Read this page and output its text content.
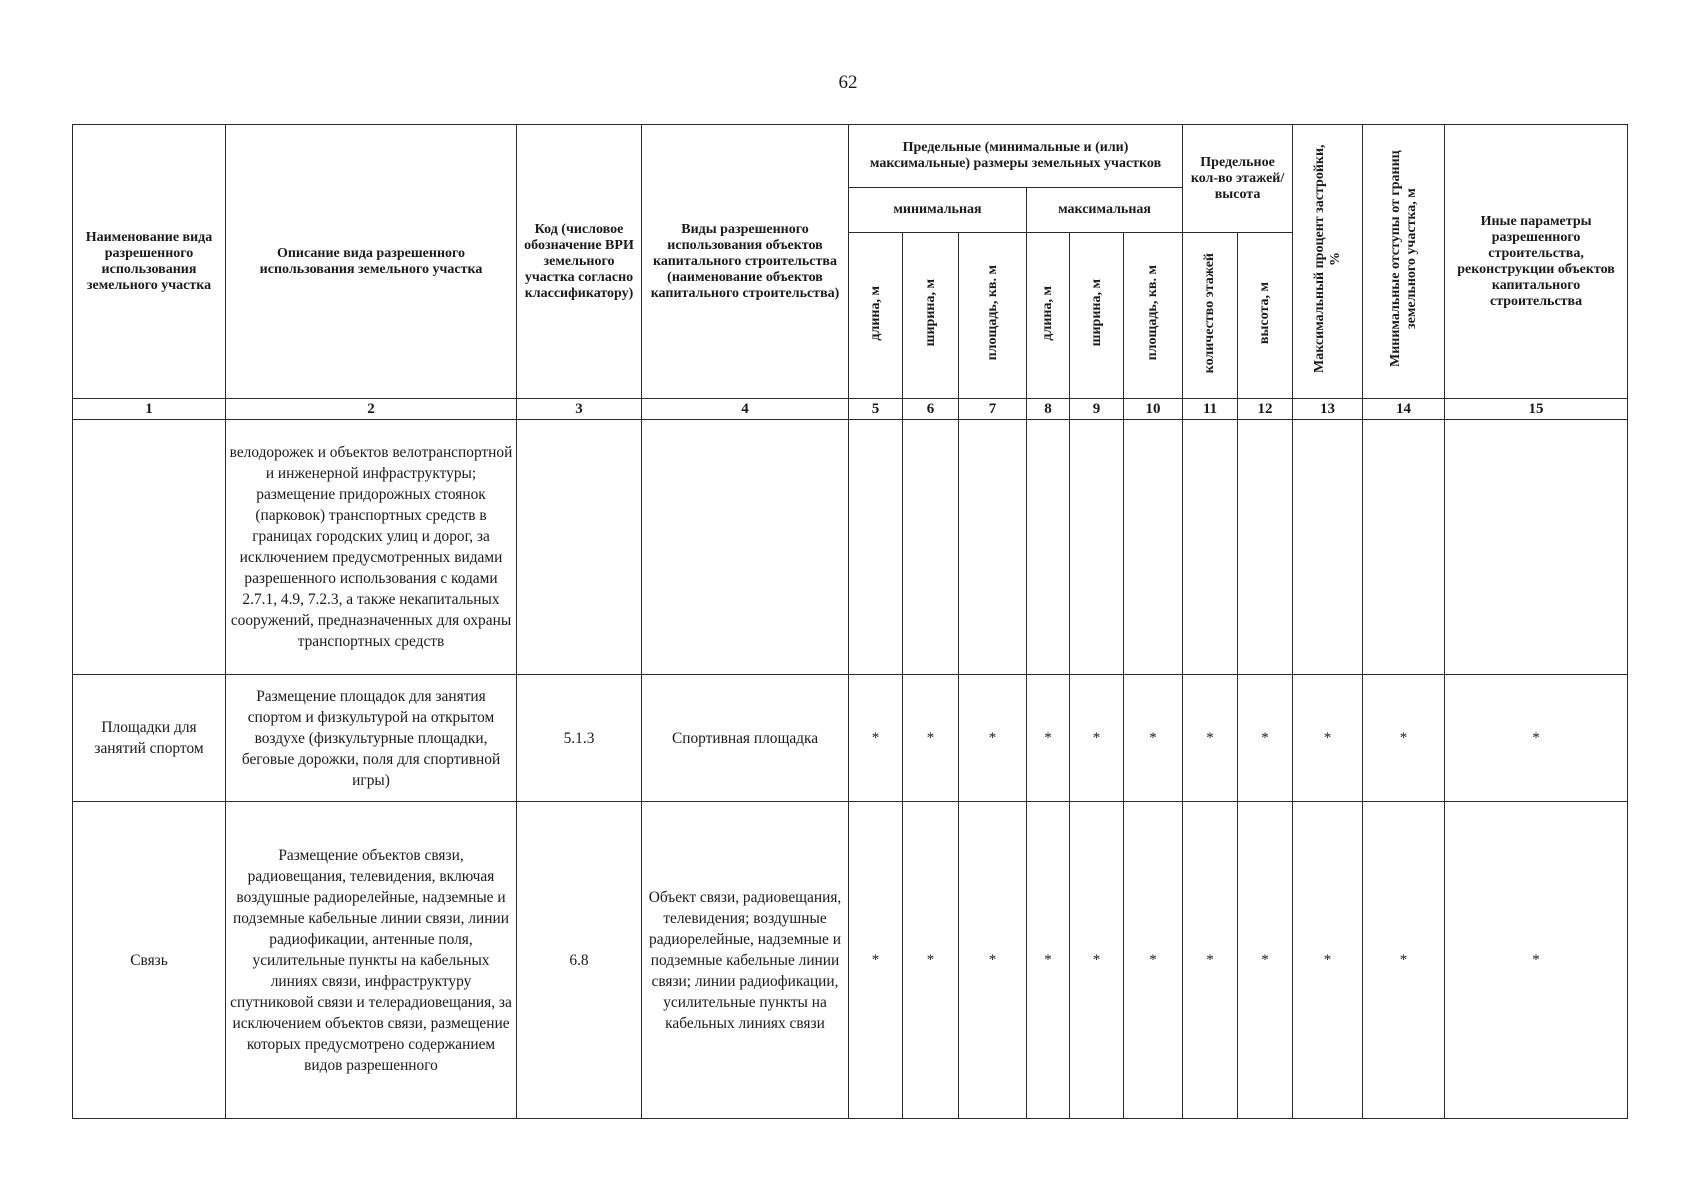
62
Наименование вида разрешенного использования земельного участка	Описание вида разрешенного использования земельного участка	Код (числовое обозначение ВРИ земельного участка согласно классификатору)	Виды разрешенного использования объектов капитального строительства (наименование объектов капитального строительства)	Предельные (минимальные и (или) максимальные) размеры земельных участков						Предельное кол-во этажей/высота		Максимальный процент застройки, %	Минимальные отступы от границ земельного участка, м	Иные параметры разрешенного строительства, реконструкции объектов капитального строительства
				минимальная			максимальная							
				длина, м	ширина, м	площадь, кв. м	длина, м	ширина, м	площадь, кв. м	количество этажей	высота, м			
1	2	3	4	5	6	7	8	9	10	11	12	13	14	15
	велодорожек и объектов велотранспортной и инженерной инфраструктуры; размещение придорожных стоянок (парковок) транспортных средств в границах городских улиц и дорог, за исключением предусмотренных видами разрешенного использования с кодами 2.7.1, 4.9, 7.2.3, а также некапитальных сооружений, предназначенных для охраны транспортных средств													
Площадки для занятий спортом	Размещение площадок для занятия спортом и физкультурой на открытом воздухе (физкультурные площадки, беговые дорожки, поля для спортивной игры)	5.1.3	Спортивная площадка	*	*	*	*	*	*	*	*	*	*	*
Связь	Размещение объектов связи, радиовещания, телевидения, включая воздушные радиорелейные, надземные и подземные кабельные линии связи, линии радиофикации, антенные поля, усилительные пункты на кабельных линиях связи, инфраструктуру спутниковой связи и телерадиовещания, за исключением объектов связи, размещение которых предусмотрено содержанием видов разрешенного	6.8	Объект связи, радиовещания, телевидения; воздушные радиорелейные, надземные и подземные кабельные линии связи; линии радиофикации, усилительные пункты на кабельных линиях связи	*	*	*	*	*	*	*	*	*	*	*
